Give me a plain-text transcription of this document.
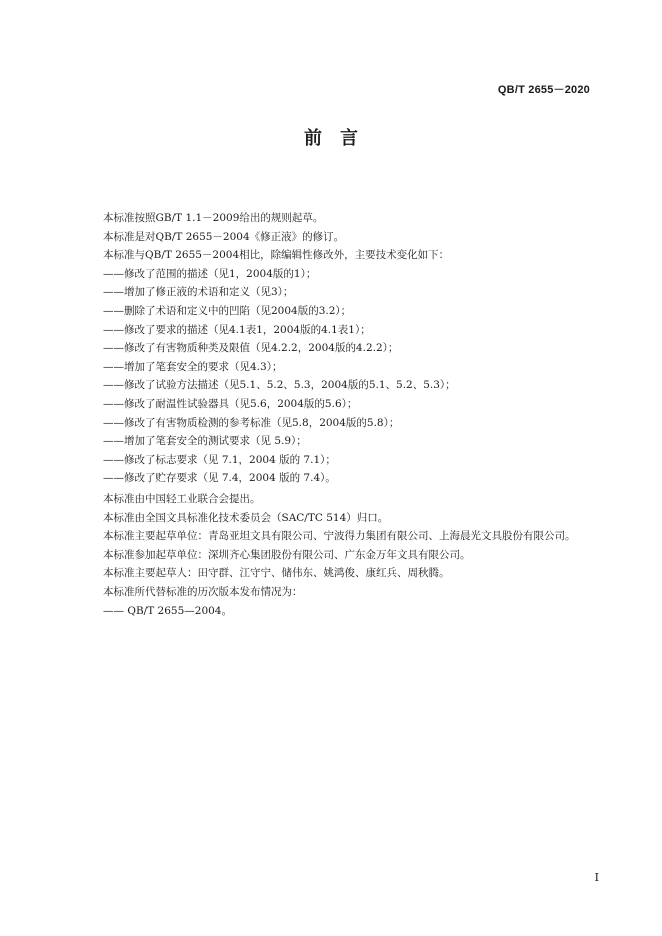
QB/T 2655－2020
前 言
本标准按照GB/T 1.1－2009给出的规则起草。
本标准是对QB/T 2655－2004《修正液》的修订。
本标准与QB/T 2655－2004相比，除编辑性修改外，主要技术变化如下：
——修改了范围的描述（见1，2004版的1）；
——增加了修正液的术语和定义（见3）；
——删除了术语和定义中的凹陷（见2004版的3.2）；
——修改了要求的描述（见4.1表1，2004版的4.1表1）；
——修改了有害物质种类及限值（见4.2.2，2004版的4.2.2）；
——增加了笔套安全的要求（见4.3）；
——修改了试验方法描述（见5.1、5.2、5.3，2004版的5.1、5.2、5.3）；
——修改了耐温性试验器具（见5.6，2004版的5.6）；
——修改了有害物质检测的参考标准（见5.8，2004版的5.8）；
——增加了笔套安全的测试要求（见 5.9）；
——修改了标志要求（见 7.1，2004 版的 7.1）；
——修改了贮存要求（见 7.4，2004 版的 7.4）。
本标准由中国轻工业联合会提出。
本标准由全国文具标准化技术委员会（SAC/TC 514）归口。
本标准主要起草单位：青岛亚坦文具有限公司、宁波得力集团有限公司、上海晨光文具股份有限公司。
本标准参加起草单位：深圳齐心集团股份有限公司、广东金万年文具有限公司。
本标准主要起草人：田守群、江守宁、储伟东、姚鸿俊、康红兵、周秋腾。
本标准所代替标准的历次版本发布情况为：
—— QB/T 2655—2004。
I
